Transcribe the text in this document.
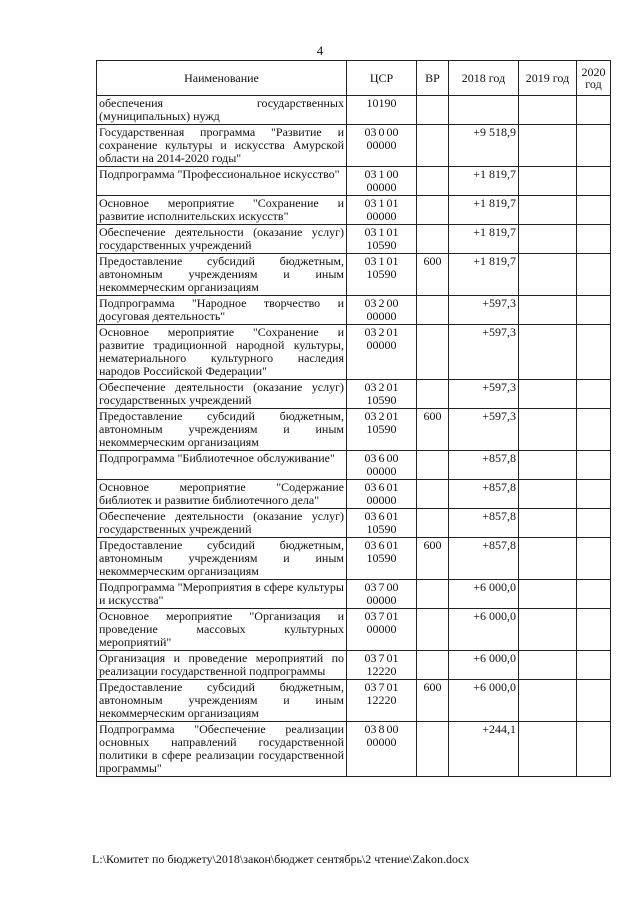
4
Наименование	ЦСР	ВР	2018 год	2019 год	2020 год
обеспечения государственных (муниципальных) нужд	10190				
Государственная программа "Развитие и сохранение культуры и искусства Амурской области на 2014-2020 годы"	03 0 00 00000		+9 518,9		
Подпрограмма "Профессиональное искусство"	03 1 00 00000		+1 819,7		
Основное мероприятие "Сохранение и развитие исполнительских искусств"	03 1 01 00000		+1 819,7		
Обеспечение деятельности (оказание услуг) государственных учреждений	03 1 01 10590		+1 819,7		
Предоставление субсидий бюджетным, автономным учреждениям и иным некоммерческим организациям	03 1 01 10590	600	+1 819,7		
Подпрограмма "Народное творчество и досуговая деятельность"	03 2 00 00000		+597,3		
Основное мероприятие "Сохранение и развитие традиционной народной культуры, нематериального культурного наследия народов Российской Федерации"	03 2 01 00000		+597,3		
Обеспечение деятельности (оказание услуг) государственных учреждений	03 2 01 10590		+597,3		
Предоставление субсидий бюджетным, автономным учреждениям и иным некоммерческим организациям	03 2 01 10590	600	+597,3		
Подпрограмма "Библиотечное обслуживание"	03 6 00 00000		+857,8		
Основное мероприятие "Содержание библиотек и развитие библиотечного дела"	03 6 01 00000		+857,8		
Обеспечение деятельности (оказание услуг) государственных учреждений	03 6 01 10590		+857,8		
Предоставление субсидий бюджетным, автономным учреждениям и иным некоммерческим организациям	03 6 01 10590	600	+857,8		
Подпрограмма "Мероприятия в сфере культуры и искусства"	03 7 00 00000		+6 000,0		
Основное мероприятие "Организация и проведение массовых культурных мероприятий"	03 7 01 00000		+6 000,0		
Организация и проведение мероприятий по реализации государственной подпрограммы	03 7 01 12220		+6 000,0		
Предоставление субсидий бюджетным, автономным учреждениям и иным некоммерческим организациям	03 7 01 12220	600	+6 000,0		
Подпрограмма "Обеспечение реализации основных направлений государственной политики в сфере реализации государственной программы"	03 8 00 00000		+244,1		
L:\Комитет по бюджету\2018\закон\бюджет сентябрь\2 чтение\Zakon.docx
